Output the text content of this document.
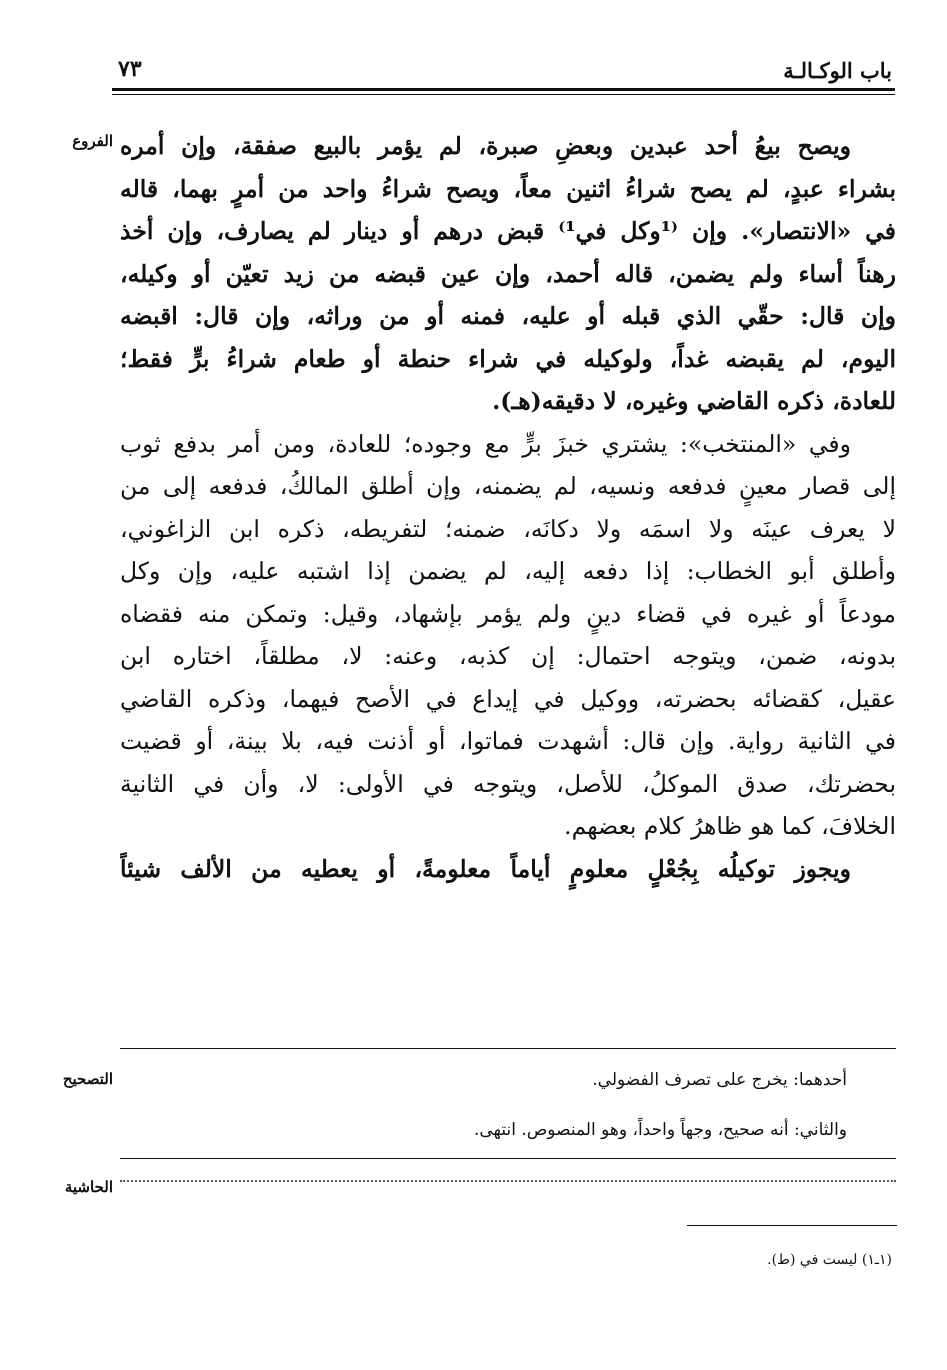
باب الوكـالـة
٧٣
الفروع ويصح بيعُ أحد عبدين وبعضِ صبرة، لم يؤمر بالبيع صفقة، وإن أمره
بشراء عبدٍ، لم يصح شراءُ اثنين معاً، ويصح شراءُ واحد من أمرٍ بهما، قاله
في «الانتصار». وإن ⁽¹وكل في¹⁾ قبض درهم أو دينار لم يصارف، وإن أخذ
رهناً أساء ولم يضمن، قاله أحمد، وإن عين قبضه من زيد تعيّن أو وكيله،
وإن قال: حقّي الذي قبله أو عليه، فمنه أو من وراثه، وإن قال: اقبضه
اليوم، لم يقبضه غداً، ولوكيله في شراء حنطة أو طعام شراءُ برٍّ فقط؛
للعادة، ذكره القاضي وغيره، لا دقيقه(هـ).
وفي «المنتخب»: يشتري خبزَ برٍّ مع وجوده؛ للعادة، ومن أمر بدفع ثوب
إلى قصار معينٍ فدفعه ونسيه، لم يضمنه، وإن أطلق المالكُ، فدفعه إلى من
لا يعرف عينَه ولا اسمَه ولا دكانَه، ضمنه؛ لتفريطه، ذكره ابن الزاغوني،
وأطلق أبو الخطاب: إذا دفعه إليه، لم يضمن إذا اشتبه عليه، وإن وكل
مودعاً أو غيره في قضاء دينٍ ولم يؤمر بإشهاد، وقيل: وتمكن منه فقضاه
بدونه، ضمن، ويتوجه احتمال: إن كذبه، وعنه: لا، مطلقاً، اختاره ابن
عقيل، كقضائه بحضرته، ووكيل في إيداع في الأصح فيهما، وذكره القاضي
في الثانية رواية. وإن قال: أشهدت فماتوا، أو أذنت فيه، بلا بينة، أو قضيت
بحضرتك، صدق الموكلُ، للأصل، ويتوجه في الأولى: لا، وأن في الثانية
الخلافَ، كما هو ظاهرُ كلام بعضهم.
ويجوز توكيلُه بِجُعْلٍ معلومٍ أياماً معلومةً، أو يعطيه من الألف شيئاً
التصحيح	أحدهما: يخرج على تصرف الفضولي.
والثاني: أنه صحيح، وجهاً واحداً، وهو المنصوص. انتهى.
الحاشية
(١ـ١) ليست في (ط).
